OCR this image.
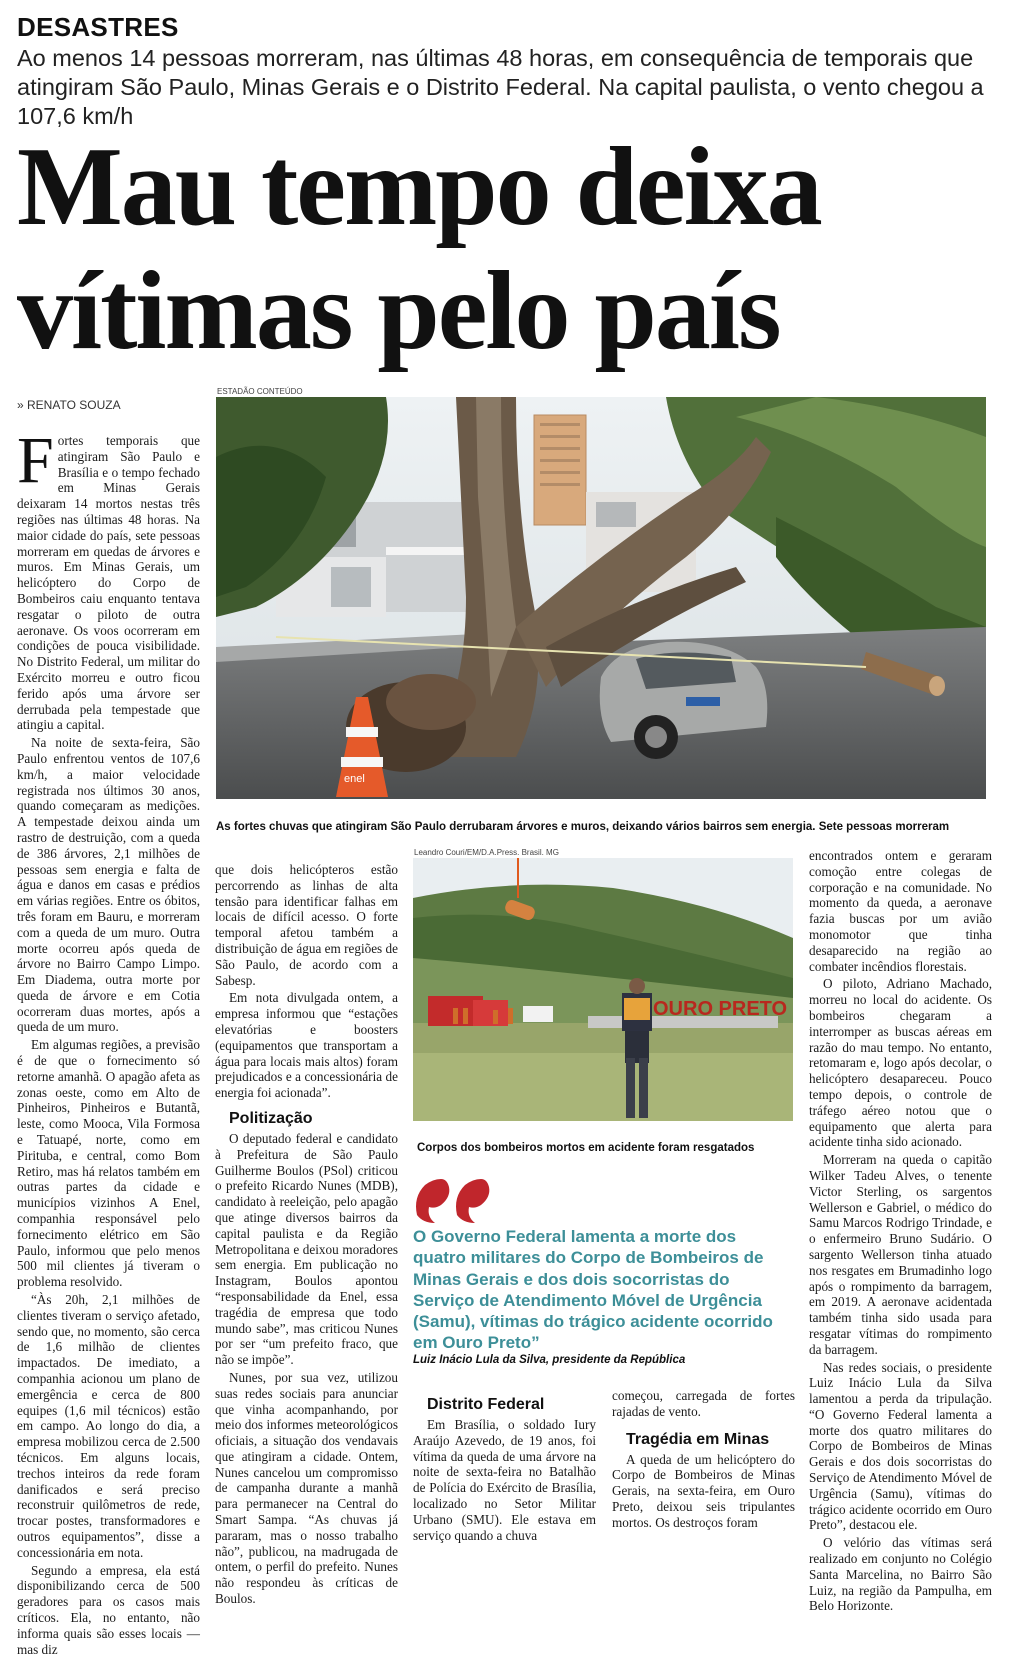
DESASTRES
Ao menos 14 pessoas morreram, nas últimas 48 horas, em consequência de temporais que atingiram São Paulo, Minas Gerais e o Distrito Federal. Na capital paulista, o vento chegou a 107,6 km/h
Mau tempo deixa
vítimas pelo país
» RENATO SOUZA
ESTADÃO CONTEÚDO
enel
As fortes chuvas que atingiram São Paulo derrubaram árvores e muros, deixando vários bairros sem energia. Sete pessoas morreram
Leandro Couri/EM/D.A.Press. Brasil. MG
OURO PRETO
Corpos dos bombeiros mortos em acidente foram resgatados
O Governo Federal lamenta a morte dos quatro militares do Corpo de Bombeiros de Minas Gerais e dos dois socorristas do Serviço de Atendimento Móvel de Urgência (Samu), vítimas do trágico acidente ocorrido em Ouro Preto”
Luiz Inácio Lula da Silva, presidente da República

Fortes temporais que atingiram São Paulo e Brasília e o tempo fechado em Minas Gerais deixaram 14 mortos nestas três regiões nas últimas 48 horas. Na maior cidade do país, sete pessoas morreram em quedas de árvores e muros. Em Minas Gerais, um helicóptero do Corpo de Bombeiros caiu enquanto tentava resgatar o piloto de outra aeronave. Os voos ocorreram em condições de pouca visibilidade. No Distrito Federal, um militar do Exército morreu e outro ficou ferido após uma árvore ser derrubada pela tempestade que atingiu a capital.

Na noite de sexta-feira, São Paulo enfrentou ventos de 107,6 km/h, a maior velocidade registrada nos últimos 30 anos, quando começaram as medições. A tempestade deixou ainda um rastro de destruição, com a queda de 386 árvores, 2,1 milhões de pessoas sem energia e falta de água e danos em casas e prédios em várias regiões. Entre os óbitos, três foram em Bauru, e morreram com a queda de um muro. Outra morte ocorreu após queda de árvore no Bairro Campo Limpo. Em Diadema, outra morte por queda de árvore e em Cotia ocorreram duas mortes, após a queda de um muro.

Em algumas regiões, a previsão é de que o fornecimento só retorne amanhã. O apagão afeta as zonas oeste, como em Alto de Pinheiros, Pinheiros e Butantã, leste, como Mooca, Vila Formosa e Tatuapé, norte, como em Pirituba, e central, como Bom Retiro, mas há relatos também em outras partes da cidade e municípios vizinhos A Enel, companhia responsável pelo fornecimento elétrico em São Paulo, informou que pelo menos 500 mil clientes já tiveram o problema resolvido.

“Às 20h, 2,1 milhões de clientes tiveram o serviço afetado, sendo que, no momento, são cerca de 1,6 milhão de clientes impactados. De imediato, a companhia acionou um plano de emergência e cerca de 800 equipes (1,6 mil técnicos) estão em campo. Ao longo do dia, a empresa mobilizou cerca de 2.500 técnicos. Em alguns locais, trechos inteiros da rede foram danificados e será preciso reconstruir quilômetros de rede, trocar postes, transformadores e outros equipamentos”, disse a concessionária em nota.

Segundo a empresa, ela está disponibilizando cerca de 500 geradores para os casos mais críticos. Ela, no entanto, não informa quais são esses locais — mas diz

que dois helicópteros estão percorrendo as linhas de alta tensão para identificar falhas em locais de difícil acesso. O forte temporal afetou também a distribuição de água em regiões de São Paulo, de acordo com a Sabesp.

Em nota divulgada ontem, a empresa informou que “estações elevatórias e boosters (equipamentos que transportam a água para locais mais altos) foram prejudicados e a concessionária de energia foi acionada”.

Politização

O deputado federal e candidato à Prefeitura de São Paulo Guilherme Boulos (PSol) criticou o prefeito Ricardo Nunes (MDB), candidato à reeleição, pelo apagão que atinge diversos bairros da capital paulista e da Região Metropolitana e deixou moradores sem energia. Em publicação no Instagram, Boulos apontou “responsabilidade da Enel, essa tragédia de empresa que todo mundo sabe”, mas criticou Nunes por ser “um prefeito fraco, que não se impõe”.

Nunes, por sua vez, utilizou suas redes sociais para anunciar que vinha acompanhando, por meio dos informes meteorológicos oficiais, a situação dos vendavais que atingiram a cidade. Ontem, Nunes cancelou um compromisso de campanha durante a manhã para permanecer na Central do Smart Sampa. “As chuvas já pararam, mas o nosso trabalho não”, publicou, na madrugada de ontem, o perfil do prefeito. Nunes não respondeu às críticas de Boulos.

Distrito Federal

Em Brasília, o soldado Iury Araújo Azevedo, de 19 anos, foi vítima da queda de uma árvore na noite de sexta-feira no Batalhão de Polícia do Exército de Brasília, localizado no Setor Militar Urbano (SMU). Ele estava em serviço quando a chuva

começou, carregada de fortes rajadas de vento.

Tragédia em Minas

A queda de um helicóptero do Corpo de Bombeiros de Minas Gerais, na sexta-feira, em Ouro Preto, deixou seis tripulantes mortos. Os destroços foram

encontrados ontem e geraram comoção entre colegas de corporação e na comunidade. No momento da queda, a aeronave fazia buscas por um avião monomotor que tinha desaparecido na região ao combater incêndios florestais.

O piloto, Adriano Machado, morreu no local do acidente. Os bombeiros chegaram a interromper as buscas aéreas em razão do mau tempo. No entanto, retomaram e, logo após decolar, o helicóptero desapareceu. Pouco tempo depois, o controle de tráfego aéreo notou que o equipamento que alerta para acidente tinha sido acionado.

Morreram na queda o capitão Wilker Tadeu Alves, o tenente Victor Sterling, os sargentos Wellerson e Gabriel, o médico do Samu Marcos Rodrigo Trindade, e o enfermeiro Bruno Sudário. O sargento Wellerson tinha atuado nos resgates em Brumadinho logo após o rompimento da barragem, em 2019. A aeronave acidentada também tinha sido usada para resgatar vítimas do rompimento da barragem.

Nas redes sociais, o presidente Luiz Inácio Lula da Silva lamentou a perda da tripulação. “O Governo Federal lamenta a morte dos quatro militares do Corpo de Bombeiros de Minas Gerais e dos dois socorristas do Serviço de Atendimento Móvel de Urgência (Samu), vítimas do trágico acidente ocorrido em Ouro Preto”, destacou ele.

O velório das vítimas será realizado em conjunto no Colégio Santa Marcelina, no Bairro São Luiz, na região da Pampulha, em Belo Horizonte.
